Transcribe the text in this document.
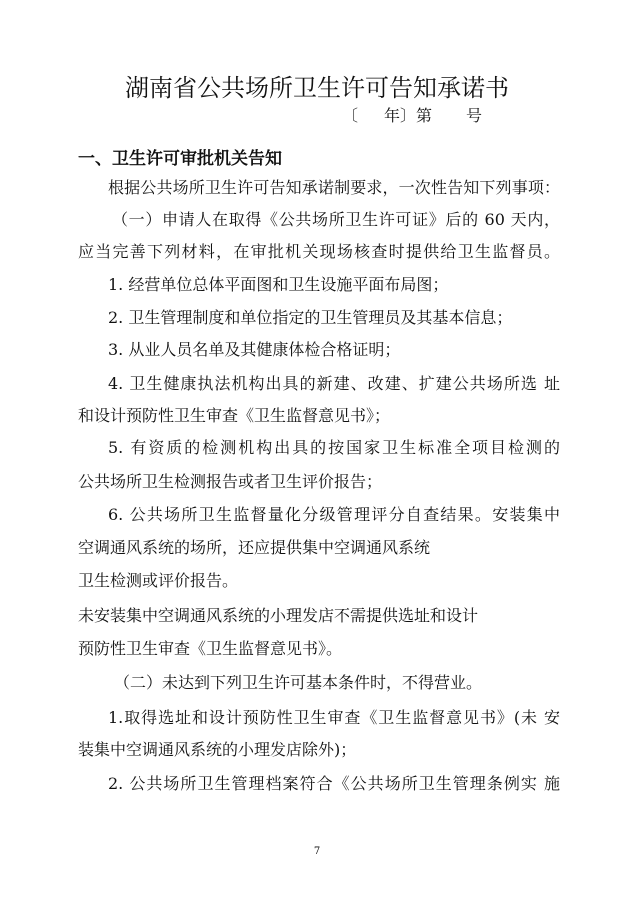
湖南省公共场所卫生许可告知承诺书
〔 年〕第 号
一、卫生许可审批机关告知
根据公共场所卫生许可告知承诺制要求，一次性告知下列事项：
（一）申请人在取得《公共场所卫生许可证》后的 60 天内，
应当完善下列材料，在审批机关现场核查时提供给卫生监督员。
1. 经营单位总体平面图和卫生设施平面布局图；
2. 卫生管理制度和单位指定的卫生管理员及其基本信息；
3. 从业人员名单及其健康体检合格证明；
4. 卫生健康执法机构出具的新建、改建、扩建公共场所选 址
和设计预防性卫生审查《卫生监督意见书》；
5. 有资质的检测机构出具的按国家卫生标准全项目检测的
公共场所卫生检测报告或者卫生评价报告；
6. 公共场所卫生监督量化分级管理评分自查结果。安装集中
空调通风系统的场所，还应提供集中空调通风系统
卫生检测或评价报告。
未安装集中空调通风系统的小理发店不需提供选址和设计
预防性卫生审查《卫生监督意见书》。
（二）未达到下列卫生许可基本条件时，不得营业。
1.取得选址和设计预防性卫生审查《卫生监督意见书》(未 安
装集中空调通风系统的小理发店除外)；
2. 公共场所卫生管理档案符合《公共场所卫生管理条例实 施
7
